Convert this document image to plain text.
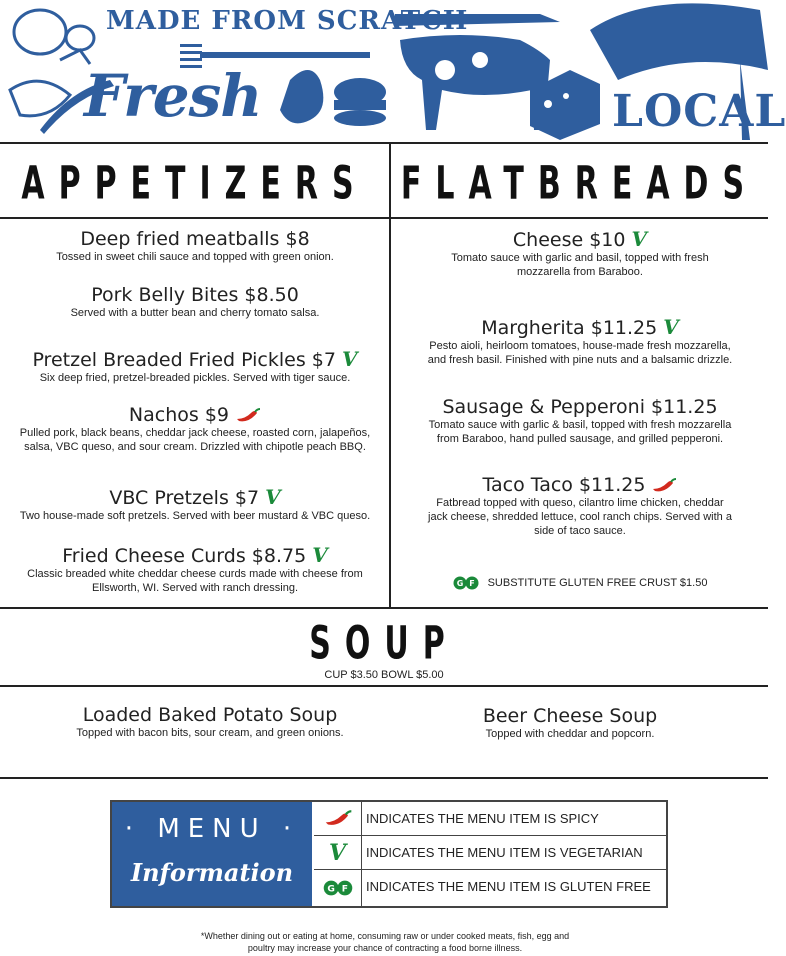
MADE FROM SCRATCH
Fresh	LOCAL
APPETIZERS	FLATBREADS
SOUP
Deep fried meatballs $8
Tossed in sweet chili sauce and topped with green onion.
Pork Belly Bites $8.50
Served with a butter bean and cherry tomato salsa.
Pretzel Breaded Fried Pickles $7 V
Six deep fried, pretzel-breaded pickles. Served with tiger sauce.
Nachos $9
Pulled pork, black beans, cheddar jack cheese, roasted corn, jalapeños,
salsa, VBC queso, and sour cream. Drizzled with chipotle peach BBQ.
VBC Pretzels $7 V
Two house-made soft pretzels. Served with beer mustard & VBC queso.
Fried Cheese Curds $8.75 V
Classic breaded white cheddar cheese curds made with cheese from
Ellsworth, WI. Served with ranch dressing.
Cheese $10 V
Tomato sauce with garlic and basil, topped with fresh
mozzarella from Baraboo.
Margherita $11.25 V
Pesto aioli, heirloom tomatoes, house-made fresh mozzarella,
and fresh basil. Finished with pine nuts and a balsamic drizzle.
Sausage & Pepperoni $11.25
Tomato sauce with garlic & basil, topped with fresh mozzarella
from Baraboo, hand pulled sausage, and grilled pepperoni.
Taco Taco $11.25
Fatbread topped with queso, cilantro lime chicken, cheddar
jack cheese, shredded lettuce, cool ranch chips. Served with a
side of taco sauce.
G F SUBSTITUTE GLUTEN FREE CRUST $1.50
CUP $3.50 BOWL $5.00
Loaded Baked Potato Soup
Topped with bacon bits, sour cream, and green onions.
Beer Cheese Soup
Topped with cheddar and popcorn.
· MENU ·
Information
INDICATES THE MENU ITEM IS SPICY
V INDICATES THE MENU ITEM IS VEGETARIAN
G F INDICATES THE MENU ITEM IS GLUTEN FREE
*Whether dining out or eating at home, consuming raw or under cooked meats, fish, egg and
poultry may increase your chance of contracting a food borne illness.
